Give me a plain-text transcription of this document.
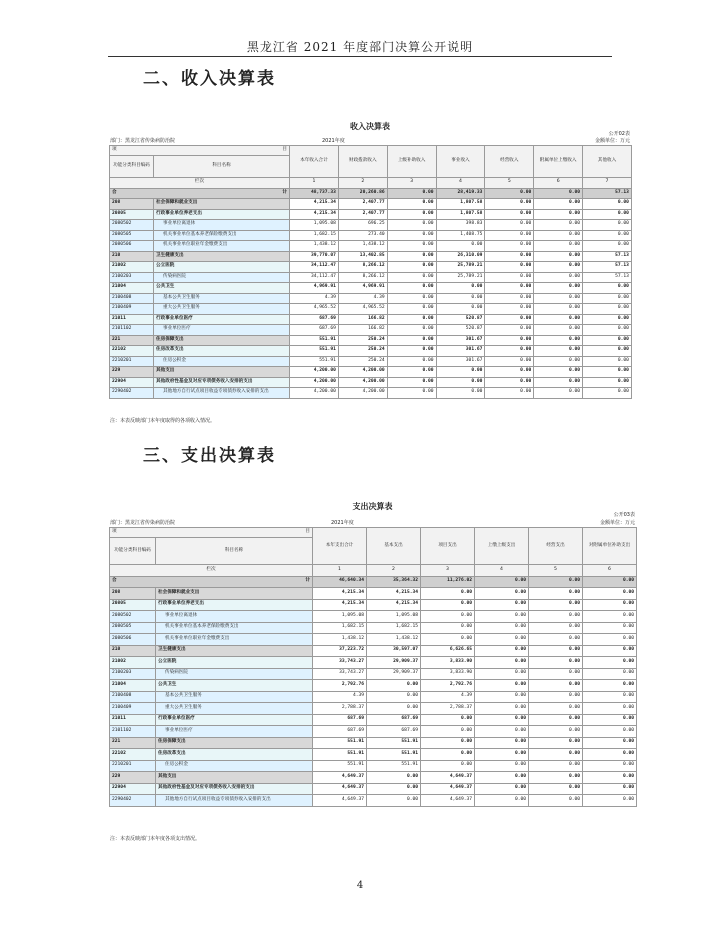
黑龙江省 2021 年度部门决算公开说明
二、收入决算表
三、支出决算表
收入决算表
公开02表
部门：黑龙江省传染病防治院	2021年度	金额单位：万元
项 目		本年收入合计	财政拨款收入	上级补助收入	事业收入	经营收入	附属单位上缴收入	其他收入
功能分类科目编码	科目名称							
栏次		1	2	3	4	5	6	7
合 计		48,737.33	20,260.86	0.00	28,419.33	0.00	0.00	57.13
208	社会保障和就业支出	4,215.34	2,407.77	0.00	1,807.58	0.00	0.00	0.00
20805	行政事业单位养老支出	4,215.34	2,407.77	0.00	1,807.58	0.00	0.00	0.00
2080502	事业单位离退休	1,095.08	696.25	0.00	398.83	0.00	0.00	0.00
2080505	机关事业单位基本养老保险缴费支出	1,682.15	273.40	0.00	1,408.75	0.00	0.00	0.00
2080506	机关事业单位职业年金缴费支出	1,438.12	1,438.12	0.00	0.00	0.00	0.00	0.00
210	卫生健康支出	39,770.07	13,402.85	0.00	26,310.09	0.00	0.00	57.13
21002	公立医院	34,112.47	8,266.12	0.00	25,789.21	0.00	0.00	57.13
2100203	传染病医院	34,112.47	8,266.12	0.00	25,789.21	0.00	0.00	57.13
21004	公共卫生	4,969.91	4,969.91	0.00	0.00	0.00	0.00	0.00
2100408	基本公共卫生服务	4.39	4.39	0.00	0.00	0.00	0.00	0.00
2100409	重大公共卫生服务	4,965.52	4,965.52	0.00	0.00	0.00	0.00	0.00
21011	行政事业单位医疗	687.69	166.82	0.00	520.87	0.00	0.00	0.00
2101102	事业单位医疗	687.69	166.82	0.00	520.87	0.00	0.00	0.00
221	住房保障支出	551.91	250.24	0.00	301.67	0.00	0.00	0.00
22102	住房改革支出	551.91	250.24	0.00	301.67	0.00	0.00	0.00
2210201	住房公积金	551.91	250.24	0.00	301.67	0.00	0.00	0.00
229	其他支出	4,200.00	4,200.00	0.00	0.00	0.00	0.00	0.00
22904	其他政府性基金及对应专项债务收入安排的支出	4,200.00	4,200.00	0.00	0.00	0.00	0.00	0.00
2290402	其他地方自行试点项目收益专项债券收入安排的支出	4,200.00	4,200.00	0.00	0.00	0.00	0.00	0.00
注：本表反映部门本年度取得的各项收入情况。
支出决算表
公开03表
部门：黑龙江省传染病防治院	2021年度	金额单位：万元
项 目		本年支出合计	基本支出	项目支出	上缴上级支出	经营支出	对附属单位补助支出
功能分类科目编码	科目名称						
栏次		1	2	3	4	5	6
合 计		46,640.34	35,364.32	11,276.02	0.00	0.00	0.00
208	社会保障和就业支出	4,215.34	4,215.34	0.00	0.00	0.00	0.00
20805	行政事业单位养老支出	4,215.34	4,215.34	0.00	0.00	0.00	0.00
2080502	事业单位离退休	1,095.08	1,095.08	0.00	0.00	0.00	0.00
2080505	机关事业单位基本养老保险缴费支出	1,682.15	1,682.15	0.00	0.00	0.00	0.00
2080506	机关事业单位职业年金缴费支出	1,438.12	1,438.12	0.00	0.00	0.00	0.00
210	卫生健康支出	37,223.72	30,597.07	6,626.65	0.00	0.00	0.00
21002	公立医院	33,743.27	29,909.37	3,833.90	0.00	0.00	0.00
2100203	传染病医院	33,743.27	29,909.37	3,833.90	0.00	0.00	0.00
21004	公共卫生	2,792.76	0.00	2,792.76	0.00	0.00	0.00
2100408	基本公共卫生服务	4.39	0.00	4.39	0.00	0.00	0.00
2100409	重大公共卫生服务	2,788.37	0.00	2,788.37	0.00	0.00	0.00
21011	行政事业单位医疗	687.69	687.69	0.00	0.00	0.00	0.00
2101102	事业单位医疗	687.69	687.69	0.00	0.00	0.00	0.00
221	住房保障支出	551.91	551.91	0.00	0.00	0.00	0.00
22102	住房改革支出	551.91	551.91	0.00	0.00	0.00	0.00
2210201	住房公积金	551.91	551.91	0.00	0.00	0.00	0.00
229	其他支出	4,649.37	0.00	4,649.37	0.00	0.00	0.00
22904	其他政府性基金及对应专项债务收入安排的支出	4,649.37	0.00	4,649.37	0.00	0.00	0.00
2290402	其他地方自行试点项目收益专项债券收入安排的支出	4,649.37	0.00	4,649.37	0.00	0.00	0.00
注：本表反映部门本年度各项支出情况。
4
